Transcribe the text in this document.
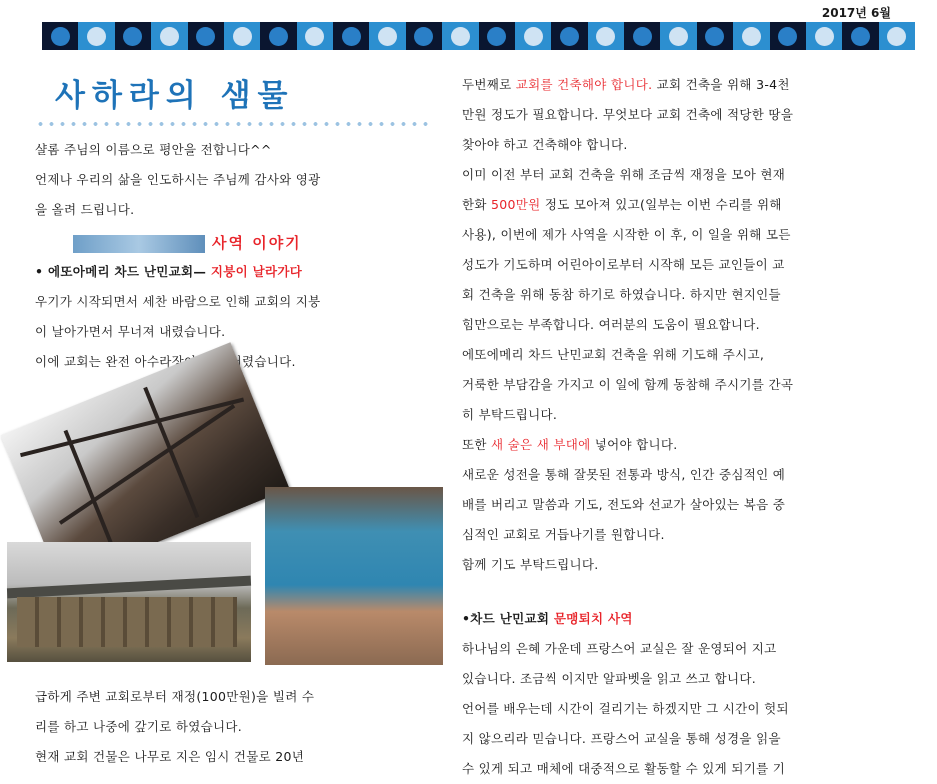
2017년 6월
사하라의 샘물
샬롬 주님의 이름으로 평안을 전합니다^^
언제나 우리의 삶을 인도하시는 주님께 감사와 영광
을 올려 드립니다.
사역 이야기
• 에또아메리 차드 난민교회— 지붕이 날라가다
우기가 시작되면서 세찬 바람으로 인해 교회의 지붕
이 날아가면서 무너져 내렸습니다.
이에 교회는 완전 아수라장이 되어 버렸습니다.
급하게 주변 교회로부터 재정(100만원)을 빌려 수
리를 하고 나중에 갚기로 하였습니다.
현재 교회 건물은 나무로 지은 임시 건물로 20년
두번째로 교회를 건축해야 합니다. 교회 건축을 위해 3-4천
만원 정도가 필요합니다. 무엇보다 교회 건축에 적당한 땅을
찾아야 하고 건축해야 합니다.
이미 이전 부터 교회 건축을 위해 조금씩 재정을 모아 현재
한화 500만원 정도 모아져 있고(일부는 이번 수리를 위해
사용), 이번에 제가 사역을 시작한 이 후, 이 일을 위해 모든
성도가 기도하며 어린아이로부터 시작해 모든 교인들이 교
회 건축을 위해 동참 하기로 하였습니다. 하지만 현지인들
힘만으로는 부족합니다. 여러분의 도움이 필요합니다.
에또에메리 차드 난민교회 건축을 위해 기도해 주시고,
거룩한 부담감을 가지고 이 일에 함께 동참해 주시기를 간곡
히 부탁드립니다.
또한 새 술은 새 부대에 넣어야 합니다.
새로운 성전을 통해 잘못된 전통과 방식, 인간 중심적인 예
배를 버리고 말씀과 기도, 전도와 선교가 살아있는 복음 중
심적인 교회로 거듭나기를 원합니다.
함께 기도 부탁드립니다.
•차드 난민교회 문맹퇴치 사역
하나님의 은혜 가운데 프랑스어 교실은 잘 운영되어 지고
있습니다. 조금씩 이지만 알파벳을 읽고 쓰고 합니다.
언어를 배우는데 시간이 걸리기는 하겠지만 그 시간이 헛되
지 않으리라 믿습니다. 프랑스어 교실을 통해 성경을 읽을
수 있게 되고 매체에 대중적으로 활동할 수 있게 되기를 기
